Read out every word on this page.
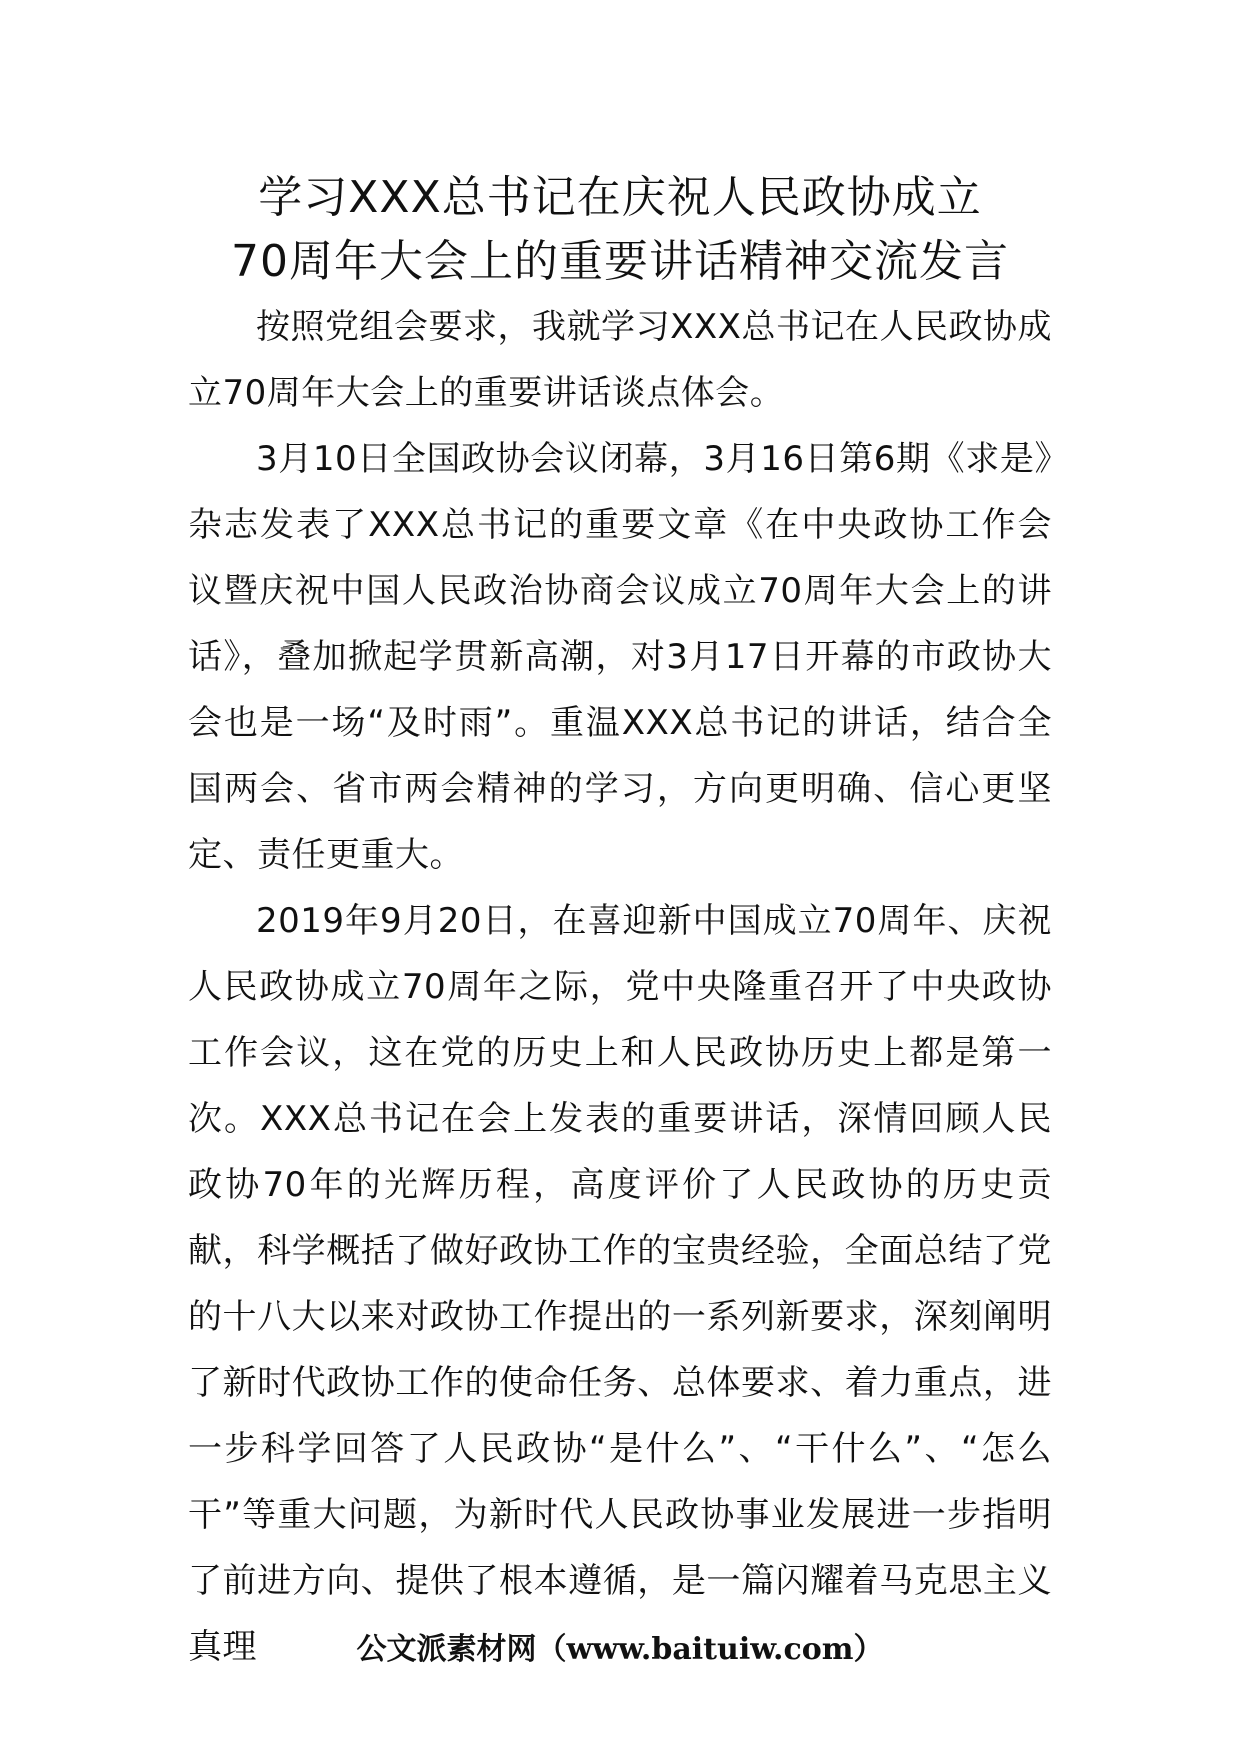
学习XXX总书记在庆祝人民政协成立
70周年大会上的重要讲话精神交流发言

按照党组会要求，我就学习XXX总书记在人民政协成立70周年大会上的重要讲话谈点体会。

3月10日全国政协会议闭幕，3月16日第6期《求是》杂志发表了XXX总书记的重要文章《在中央政协工作会议暨庆祝中国人民政治协商会议成立70周年大会上的讲话》，叠加掀起学贯新高潮，对3月17日开幕的市政协大会也是一场“及时雨”。重温XXX总书记的讲话，结合全国两会、省市两会精神的学习，方向更明确、信心更坚定、责任更重大。

2019年9月20日，在喜迎新中国成立70周年、庆祝人民政协成立70周年之际，党中央隆重召开了中央政协工作会议，这在党的历史上和人民政协历史上都是第一次。XXX总书记在会上发表的重要讲话，深情回顾人民政协70年的光辉历程，高度评价了人民政协的历史贡献，科学概括了做好政协工作的宝贵经验，全面总结了党的十八大以来对政协工作提出的一系列新要求，深刻阐明了新时代政协工作的使命任务、总体要求、着力重点，进一步科学回答了人民政协“是什么”、“干什么”、“怎么干”等重大问题，为新时代人民政协事业发展进一步指明了前进方向、提供了根本遵循，是一篇闪耀着马克思主义真理	公文派素材网（www.baituiw.com）
